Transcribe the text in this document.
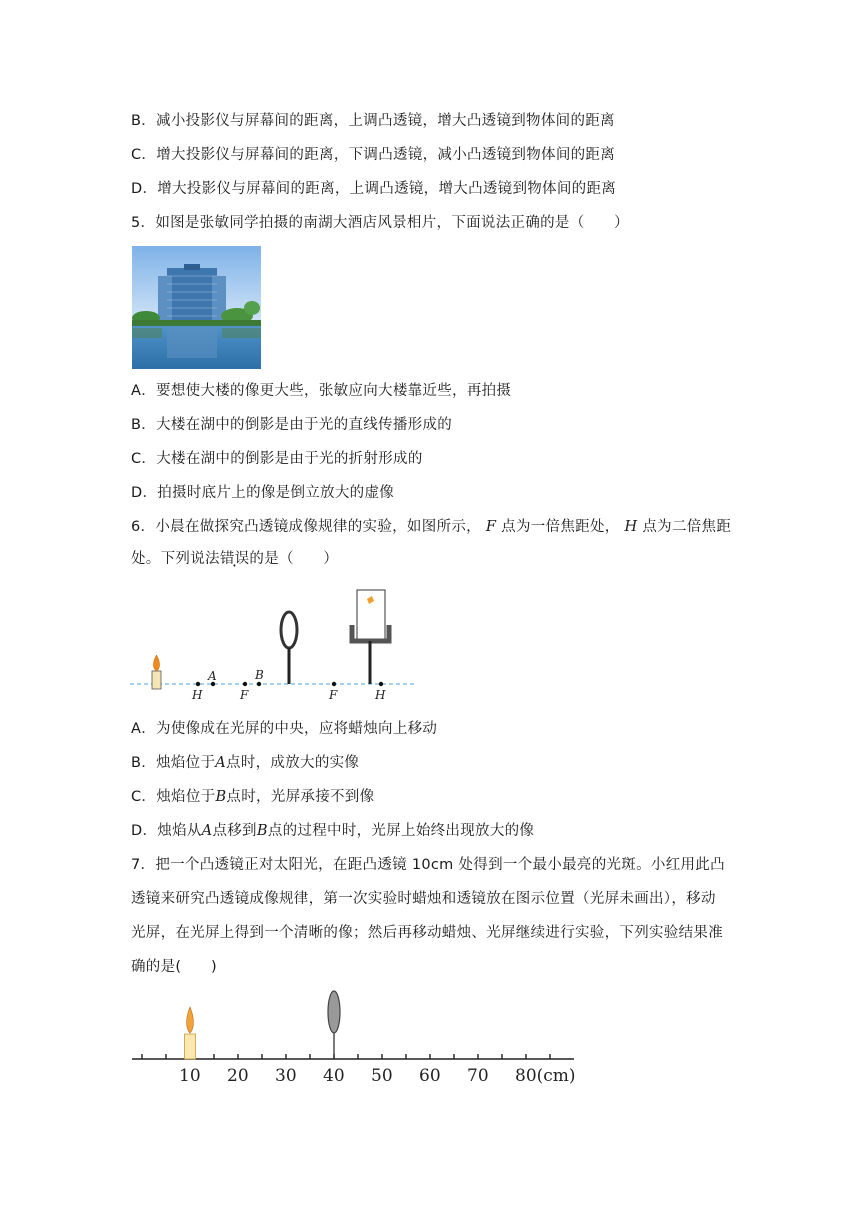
B．减小投影仪与屏幕间的距离，上调凸透镜，增大凸透镜到物体间的距离
C．增大投影仪与屏幕间的距离，下调凸透镜，减小凸透镜到物体间的距离
D．增大投影仪与屏幕间的距离，上调凸透镜，增大凸透镜到物体间的距离
5．如图是张敏同学拍摄的南湖大酒店风景相片，下面说法正确的是（　　）
A．要想使大楼的像更大些，张敏应向大楼靠近些，再拍摄
B．大楼在湖中的倒影是由于光的直线传播形成的
C．大楼在湖中的倒影是由于光的折射形成的
D．拍摄时底片上的像是倒立放大的虚像
6．小晨在做探究凸透镜成像规律的实验，如图所示， F 点为一倍焦距处， H 点为二倍焦距
处。下列说法错误的是（　　）
A	B
H	F	F	H
A．为使像成在光屏的中央，应将蜡烛向上移动
B．烛焰位于A点时，成放大的实像
C．烛焰位于B点时，光屏承接不到像
D．烛焰从A点移到B点的过程中时，光屏上始终出现放大的像
7．把一个凸透镜正对太阳光，在距凸透镜 10cm 处得到一个最小最亮的光斑。小红用此凸
透镜来研究凸透镜成像规律，第一次实验时蜡烛和透镜放在图示位置（光屏未画出），移动
光屏，在光屏上得到一个清晰的像；然后再移动蜡烛、光屏继续进行实验，下列实验结果准
确的是(　　)
10 20 30 40 50 60 70 80(cm)
